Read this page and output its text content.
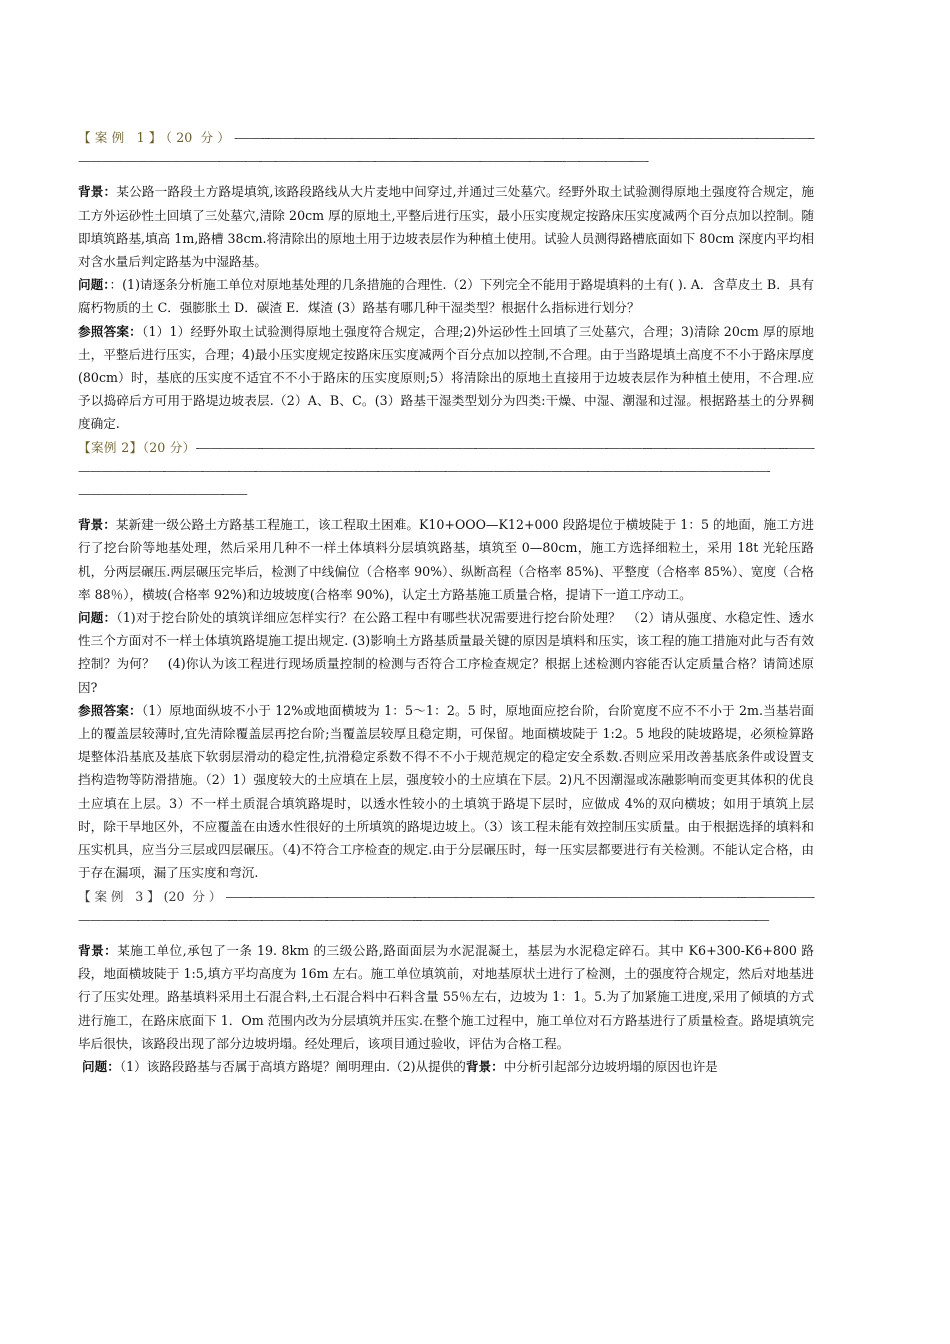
【案例 1】（20 分）-——---——--——-——-———---—---———-—————————-—--———--——————————-—-——-——--————————————-——-—-—-———————-—-———---—————-————-—-------—-——-——-—-

背景：某公路一路段土方路堤填筑,该路段路线从大片麦地中间穿过,并通过三处墓穴。经野外取土试验测得原地土强度符合规定，施工方外运砂性土回填了三处墓穴,清除 20cm 厚的原地土,平整后进行压实，最小压实度规定按路床压实度减两个百分点加以控制。随即填筑路基,填高 1m,路槽 38cm.将清除出的原地土用于边坡表层作为种植土使用。试验人员测得路槽底面如下 80cm 深度内平均相对含水量后判定路基为中湿路基。

问题：：(1)请逐条分析施工单位对原地基处理的几条措施的合理性.（2）下列完全不能用于路堤填料的土有( ). A．含草皮土 B．具有腐朽物质的土 C．强膨胀土 D．碳渣 E．煤渣 (3）路基有哪几种干湿类型？根据什么指标进行划分？

参照答案：（1）1）经野外取土试验测得原地土强度符合规定，合理;2)外运砂性土回填了三处墓穴，合理；3)清除 20cm 厚的原地土，平整后进行压实，合理；4)最小压实度规定按路床压实度减两个百分点加以控制,不合理。由于当路堤填土高度不不小于路床厚度(80cm）时，基底的压实度不适宜不不小于路床的压实度原则;5）将清除出的原地土直接用于边坡表层作为种植土使用，不合理.应予以捣碎后方可用于路堤边坡表层.（2）A、B、C。(3）路基干湿类型划分为四类:干燥、中湿、潮湿和过湿。根据路基土的分界稠度确定.

【案例 2】（20 分）-—————--———————--——-—-———————-———————————-———---—-——————-——-—---——-——————-—-———-——-——-——————-————-———--——-————————————-——————-—————————-——————-——————-——

背景：某新建一级公路土方路基工程施工，该工程取土困难。K10+OOO—K12+000 段路堤位于横坡陡于 1：5 的地面，施工方进行了挖台阶等地基处理，然后采用几种不一样土体填料分层填筑路基，填筑至 0—80cm，施工方选择细粒土，采用 18t 光轮压路机，分两层碾压.两层碾压完毕后，检测了中线偏位（合格率 90%）、纵断高程（合格率 85%)、平整度（合格率 85%）、宽度（合格率 88％），横坡(合格率 92%)和边坡坡度(合格率 90%)，认定土方路基施工质量合格，提请下一道工序动工。

问题：（1)对于挖台阶处的填筑详细应怎样实行？在公路工程中有哪些状况需要进行挖台阶处理？　（2）请从强度、水稳定性、透水性三个方面对不一样土体填筑路堤施工提出规定. (3)影响土方路基质量最关键的原因是填料和压实，该工程的施工措施对此与否有效控制？为何？　(4)你认为该工程进行现场质量控制的检测与否符合工序检查规定？根据上述检测内容能否认定质量合格？请简述原因?

参照答案：（1）原地面纵坡不小于 12%或地面横坡为 1：5～1：2。5 时，原地面应挖台阶，台阶宽度不应不不小于 2m.当基岩面上的覆盖层较薄时,宜先清除覆盖层再挖台阶;当覆盖层较厚且稳定期，可保留。地面横坡陡于 1:2。5 地段的陡坡路堤，必须检算路堤整体沿基底及基底下软弱层滑动的稳定性,抗滑稳定系数不得不不小于规范规定的稳定安全系数.否则应采用改善基底条件或设置支挡构造物等防滑措施。（2）1）强度较大的土应填在上层，强度较小的土应填在下层。2)凡不因潮湿或冻融影响而变更其体积的优良土应填在上层。3）不一样土质混合填筑路堤时，以透水性较小的土填筑于路堤下层时，应做成 4%的双向横坡；如用于填筑上层时，除干旱地区外，不应覆盖在由透水性很好的土所填筑的路堤边坡上。（3）该工程未能有效控制压实质量。由于根据选择的填料和压实机具，应当分三层或四层碾压。（4)不符合工序检查的规定.由于分层碾压时，每一压实层都要进行有关检测。不能认定合格，由于存在漏项，漏了压实度和弯沉.

【案例 3】(20 分）——-—————-—-—————-——-—-——-—-———--————————————————-———---—--————-—————-——-——-———---——-———-——-——-—————---—————-——————-——----———————------———-——-—

背景：某施工单位,承包了一条 19. 8km 的三级公路,路面面层为水泥混凝土，基层为水泥稳定碎石。其中 K6+300-K6+800 路段，地面横坡陡于 1:5,填方平均高度为 16m 左右。施工单位填筑前，对地基原状土进行了检测，土的强度符合规定，然后对地基进行了压实处理。路基填料采用土石混合料,土石混合料中石料含量 55％左右，边坡为 1：1。5.为了加紧施工进度,采用了倾填的方式进行施工，在路床底面下 1．Om 范围内改为分层填筑并压实.在整个施工过程中，施工单位对石方路基进行了质量检查。路堤填筑完毕后很快，该路段出现了部分边坡坍塌。经处理后，该项目通过验收，评估为合格工程。

问题：（1）该路段路基与否属于高填方路堤？阐明理由.（2)从提供的背景：中分析引起部分边坡坍塌的原因也许是
